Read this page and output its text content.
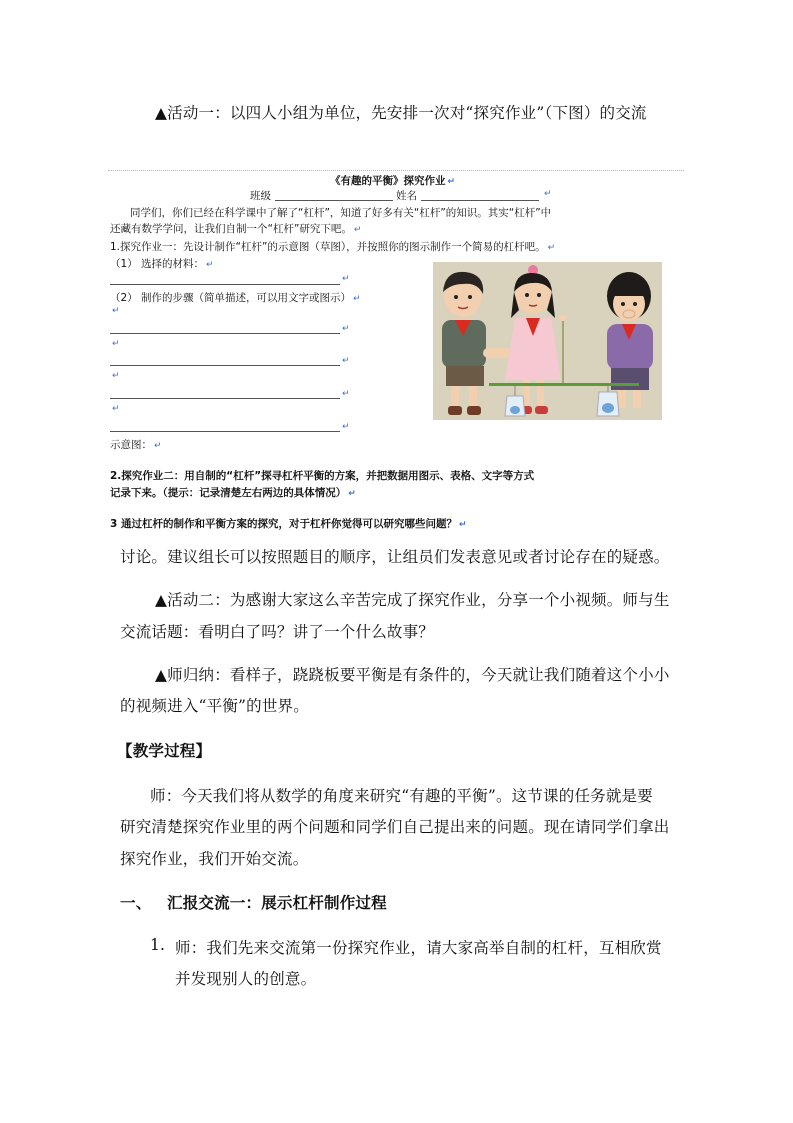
▲活动一：以四人小组为单位，先安排一次对“探究作业”（下图）的交流
《有趣的平衡》探究作业 ↵
班级	姓名	↵
同学们，你们已经在科学课中了解了“杠杆”，知道了好多有关“杠杆”的知识。其实“杠杆”中
还藏有数学学问，让我们自制一个“杠杆”研究下吧。 ↵
1.探究作业一：先设计制作“杠杆”的示意图（草图），并按照你的图示制作一个简易的杠杆吧。 ↵
（1） 选择的材料： ↵
↵
（2） 制作的步骤（简单描述，可以用文字或图示） ↵
↵
↵
↵
↵
↵
↵
↵
↵
示意图： ↵
2.探究作业二：用自制的“杠杆”探寻杠杆平衡的方案，并把数据用图示、表格、文字等方式
记录下来。（提示：记录清楚左右两边的具体情况） ↵
3 通过杠杆的制作和平衡方案的探究，对于杠杆你觉得可以研究哪些问题？ ↵
讨论。建议组长可以按照题目的顺序，让组员们发表意见或者讨论存在的疑惑。
▲活动二：为感谢大家这么辛苦完成了探究作业，分享一个小视频。师与生
交流话题：看明白了吗？讲了一个什么故事？
▲师归纳：看样子，跷跷板要平衡是有条件的，今天就让我们随着这个小小
的视频进入“平衡”的世界。
【教学过程】
师：今天我们将从数学的角度来研究“有趣的平衡”。这节课的任务就是要
研究清楚探究作业里的两个问题和同学们自己提出来的问题。现在请同学们拿出
探究作业，我们开始交流。
一、 汇报交流一：展示杠杆制作过程
1. 师：我们先来交流第一份探究作业，请大家高举自制的杠杆，互相欣赏
并发现别人的创意。
